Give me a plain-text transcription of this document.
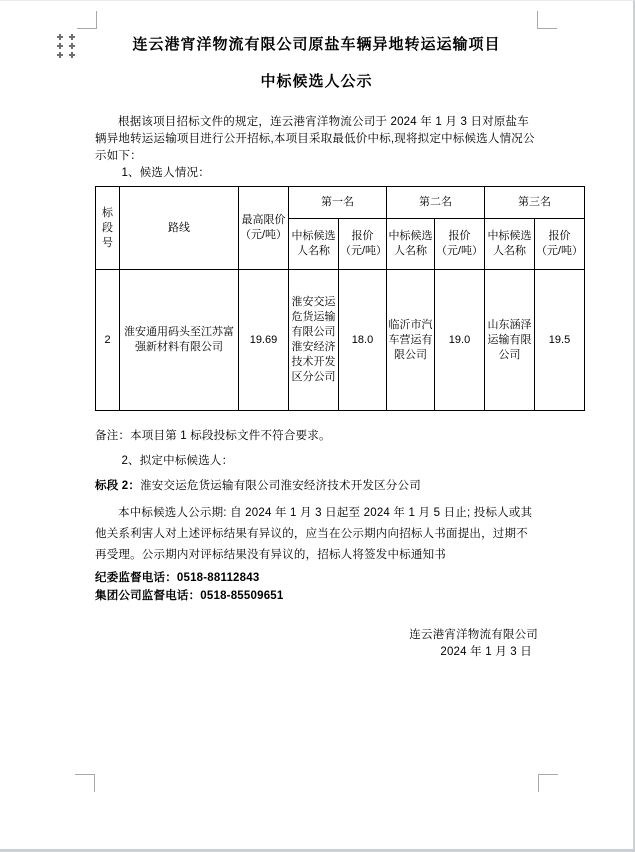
连云港宵洋物流有限公司原盐车辆异地转运运输项目
中标候选人公示

根据该项目招标文件的规定，连云港宵洋物流公司于 2024 年 1 月 3 日对原盐车辆异地转运运输项目进行公开招标,本项目采取最低价中标,现将拟定中标候选人情况公示如下：

1、候选人情况：

标段号	路线	最高限价（元/吨）	第一名		第二名		第三名	
			中标候选人名称	报价（元/吨）	中标候选人名称	报价（元/吨）	中标候选人名称	报价（元/吨）
2	淮安通用码头至江苏富强新材料有限公司	19.69	淮安交运危货运输有限公司淮安经济技术开发区分公司	18.0	临沂市汽车营运有限公司	19.0	山东涵泽运输有限公司	19.5

备注：本项目第 1 标段投标文件不符合要求。

2、拟定中标候选人：

标段 2：淮安交运危货运输有限公司淮安经济技术开发区分公司

本中标候选人公示期: 自 2024 年 1 月 3 日起至 2024 年 1 月 5 日止; 投标人或其他关系利害人对上述评标结果有异议的，应当在公示期内向招标人书面提出，过期不再受理。公示期内对评标结果没有异议的，招标人将签发中标通知书

纪委监督电话：0518-88112843

集团公司监督电话：0518-85509651

连云港宵洋物流有限公司

2024 年 1 月 3 日
